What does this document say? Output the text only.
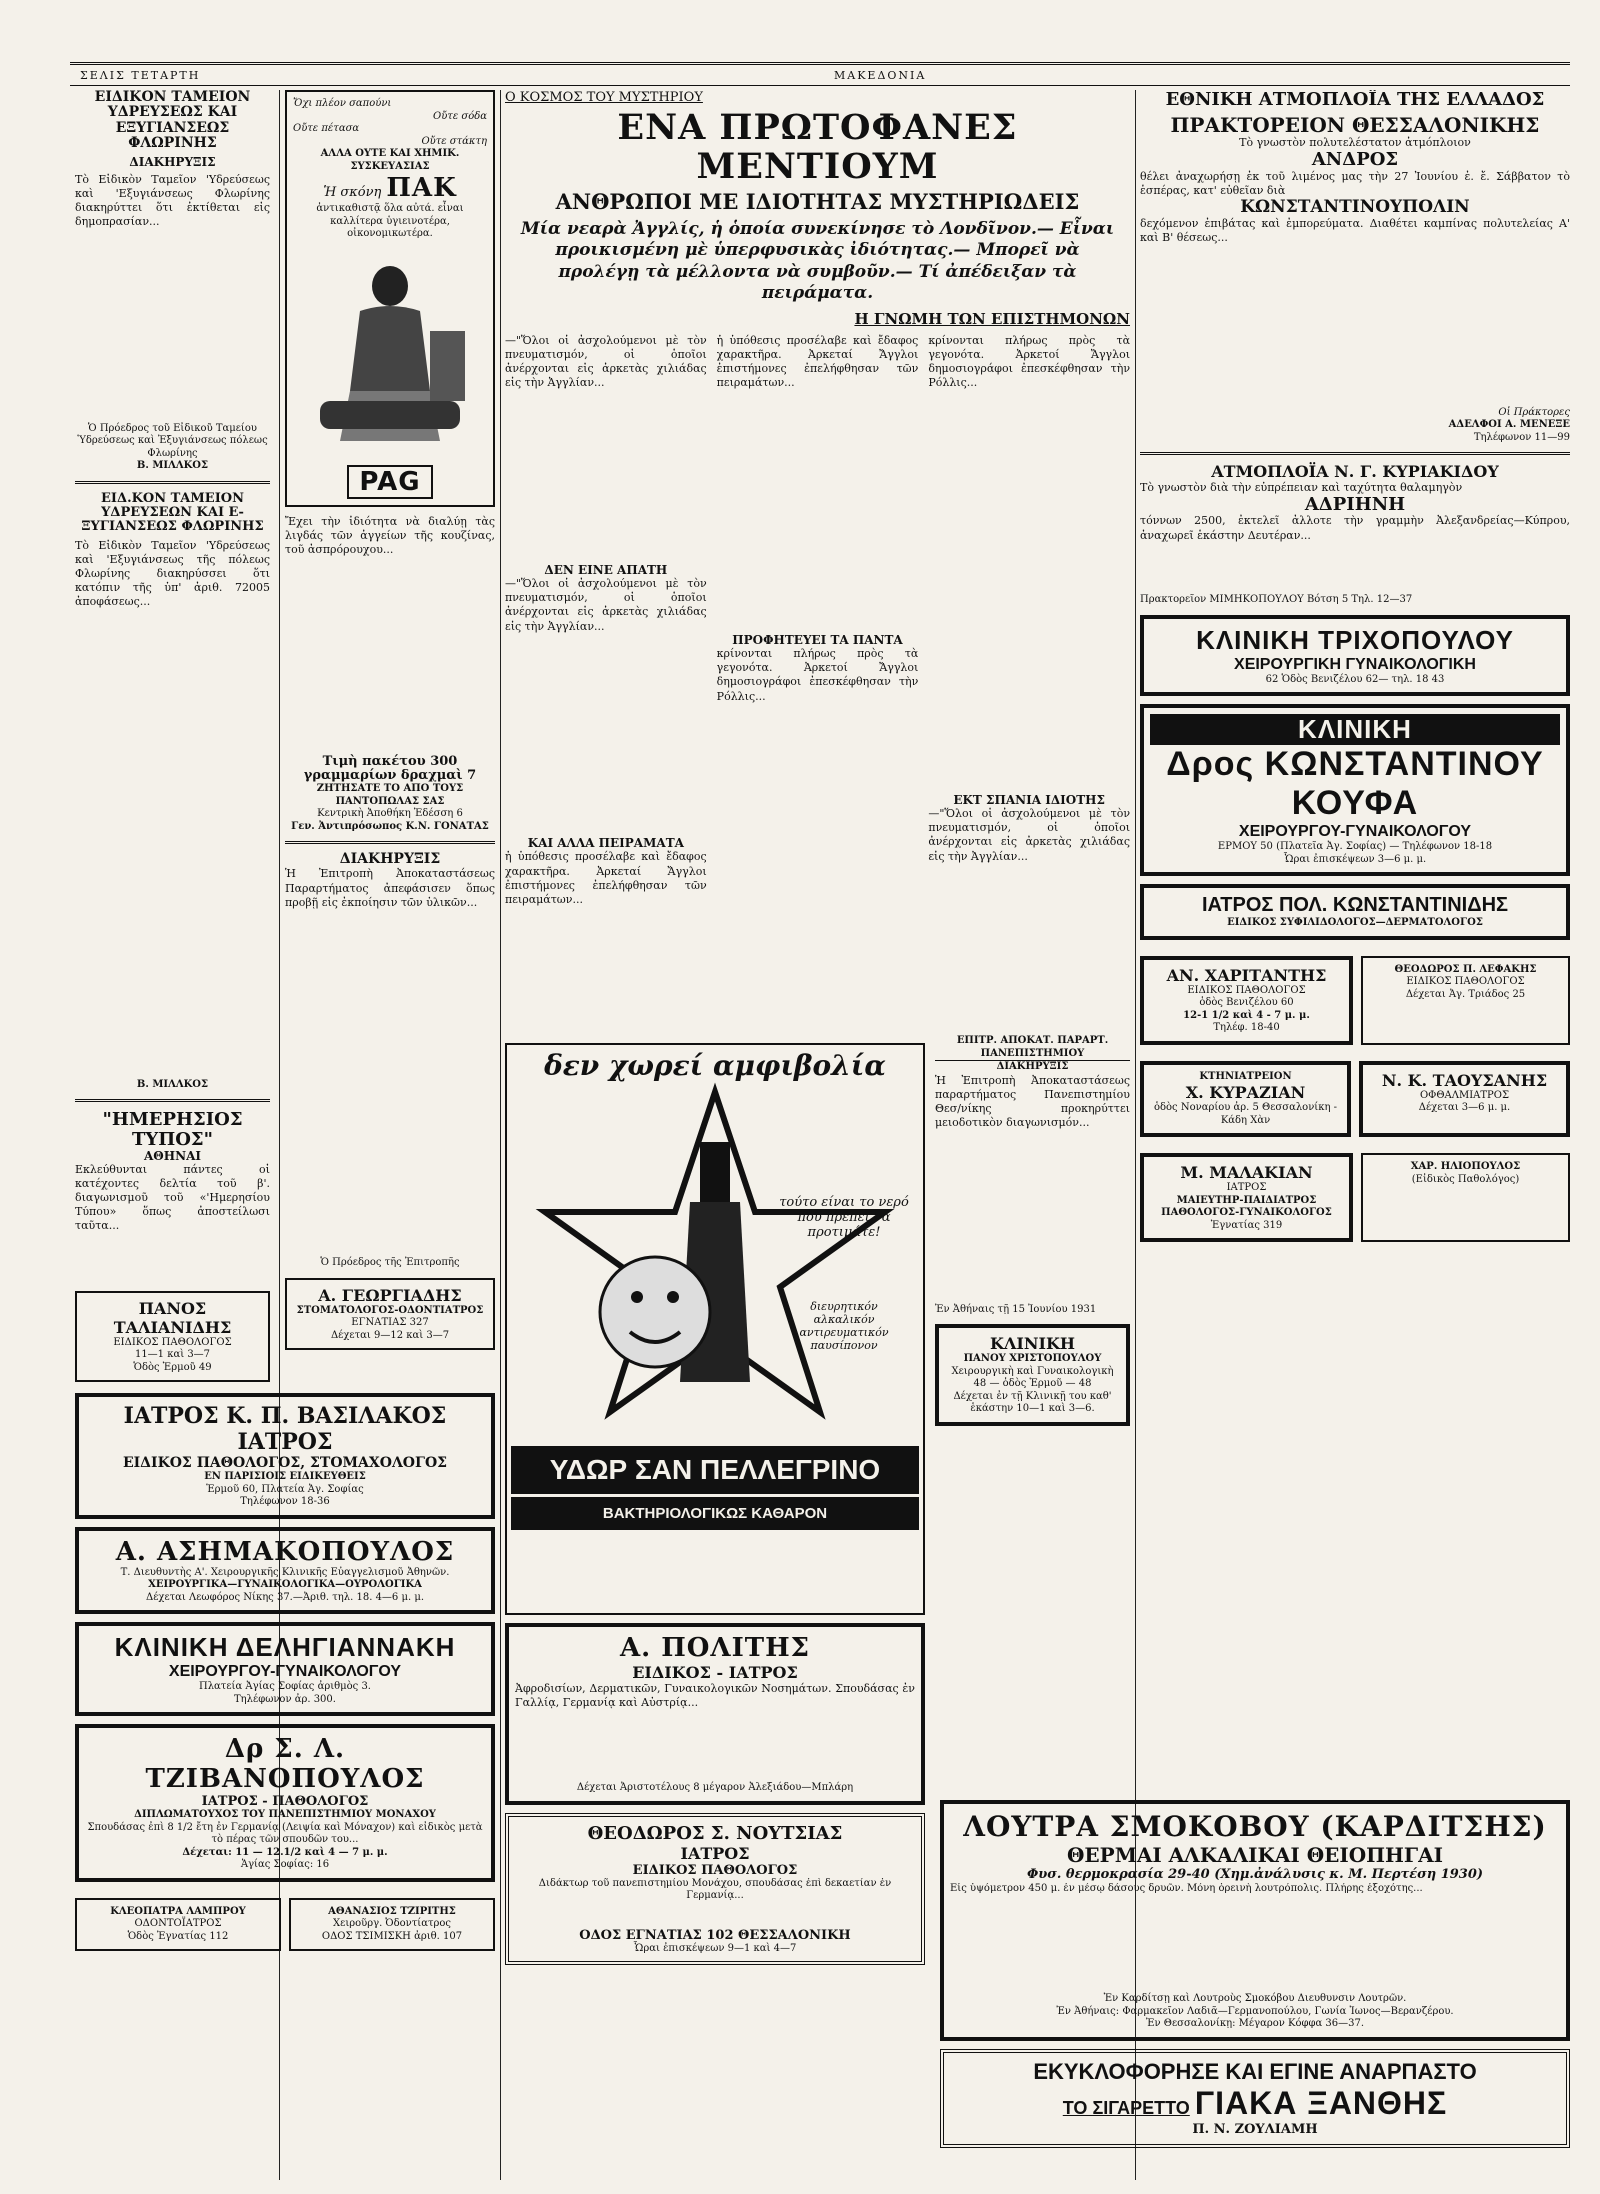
ΣΕΛΙΣ ΤΕΤΑΡΤΗ	ΜΑΚΕΔΟΝΙΑ
ΕΙΔΙΚΟΝ ΤΑΜΕΙΟΝ ΥΔΡΕΥΣΕΩΣ ΚΑΙ ΕΞΥΓΙΑΝΣΕΩΣ ΦΛΩΡΙΝΗΣ
ΔΙΑΚΗΡΥΞΙΣ
Τὸ Εἰδικὸν Ταμεῖον 'Υδρεύσεως καὶ 'Εξυγιάνσεως Φλωρίνης διακηρύττει ὅτι ἐκτίθεται εἰς δημοπρασίαν...
Ὁ Πρόεδρος τοῦ Εἰδικοῦ Ταμείου Ὑδρεύσεως καὶ Ἐξυγιάνσεως πόλεως Φλωρίνης
Β. ΜΙΛΛΚΟΣ
ΕΙΔ.ΚΟΝ ΤΑΜΕΙΟΝ ΥΔΡΕΥΣΕΩΝ ΚΑΙ Ε-ΞΥΓΙΑΝΣΕΩΣ ΦΛΩΡΙΝΗΣ
Τὸ Εἰδικὸν Ταμεῖον 'Υδρεύσεως καὶ 'Εξυγιάνσεως τῆς πόλεως Φλωρίνης διακηρύσσει ὅτι κατόπιν τῆς ὑπ' ἀριθ. 72005 ἀποφάσεως...
Β. ΜΙΛΛΚΟΣ
"ΗΜΕΡΗΣΙΟΣ ΤΥΠΟΣ"
ΑΘΗΝΑΙ
Εκλεύθυνται πάντες οἱ κατέχοντες δελτία τοῦ β'. διαγωνισμοῦ τοῦ «'Ημερησίου Τύπου» ὅπως ἀποστείλωσι ταῦτα...
ΠΑΝΟΣ ΤΑΛΙΑΝΙΔΗΣ
ΕΙΔΙΚΟΣ ΠΑΘΟΛΟΓΟΣ
11—1 καὶ 3—7
Ὁδὸς Ἑρμοῦ 49
Ὄχι πλέον σαπούνι
Οὔτε σόδα
Οὔτε πέτασα
Οὔτε στάκτη
ΑΛΛΑ ΟΥΤΕ ΚΑΙ ΧΗΜΙΚ. ΣΥΣΚΕΥΑΣΙΑΣ
Ἡ σκόνη ΠΑΚ
ἀντικαθιστᾷ ὅλα αὐτά. εἶναι καλλίτερα ὑγιεινοτέρα, οἰκονομικωτέρα.
PAG
Ἔχει τὴν ἰδιότητα νὰ διαλύῃ τὰς λιγδάς τῶν ἀγγείων τῆς κουζίνας, τοῦ ἀσπρόρουχου...
Τιμὴ πακέτου 300 γραμμαρίων δραχμαὶ 7
ΖΗΤΗΣΑΤΕ ΤΟ ΑΠΟ ΤΟΥΣ ΠΑΝΤΟΠΩΛΑΣ ΣΑΣ
Κεντρικὴ Ἀποθήκη Ἐδέσση 6
Γεν. Ἀντιπρόσωπος Κ.Ν. ΓΟΝΑΤΑΣ
ΔΙΑΚΗΡΥΞΙΣ
Ἡ Ἐπιτροπὴ Ἀποκαταστάσεως Παραρτήματος ἀπεφάσισεν ὅπως προβῇ εἰς ἐκποίησιν τῶν ὑλικῶν...
Ὁ Πρόεδρος τῆς Ἐπιτροπῆς
Α. ΓΕΩΡΓΙΑΔΗΣ
ΣΤΟΜΑΤΟΛΟΓΟΣ-ΟΔΟΝΤΙΑΤΡΟΣ
ΕΓΝΑΤΙΑΣ 327
Δέχεται 9—12 καὶ 3—7
Ο ΚΟΣΜΟΣ ΤΟΥ ΜΥΣΤΗΡΙΟΥ
ΕΝΑ ΠΡΩΤΟΦΑΝΕΣ ΜΕΝΤΙΟΥΜ
ΑΝΘΡΩΠΟΙ ΜΕ ΙΔΙΟΤΗΤΑΣ ΜΥΣΤΗΡΙΩΔΕΙΣ
Μία νεαρὰ Ἀγγλίς, ἡ ὁποία συνεκίνησε τὸ Λονδῖνον.— Εἶναι προικισμένη μὲ ὑπερφυσικὰς ἰδιότητας.— Μπορεῖ νὰ προλέγῃ τὰ μέλλοντα νὰ συμβοῦν.— Τί ἀπέδειξαν τὰ πειράματα.
Η ΓΝΩΜΗ ΤΩΝ ΕΠΙΣΤΗΜΟΝΩΝ
—"Ὅλοι οἱ ἀσχολούμενοι μὲ τὸν πνευματισμόν, οἱ ὁποῖοι ἀνέρχονται εἰς ἀρκετὰς χιλιάδας εἰς τὴν Ἀγγλίαν...
ΔΕΝ ΕΙΝΕ ΑΠΑΤΗ
—"Ὅλοι οἱ ἀσχολούμενοι μὲ τὸν πνευματισμόν, οἱ ὁποῖοι ἀνέρχονται εἰς ἀρκετὰς χιλιάδας εἰς τὴν Ἀγγλίαν...
ΚΑΙ ΑΛΛΑ ΠΕΙΡΑΜΑΤΑ
ἡ ὑπόθεσις προσέλαβε καὶ ἔδαφος χαρακτῆρα. Ἀρκεταί Ἄγγλοι ἐπιστήμονες ἐπελήφθησαν τῶν πειραμάτων...
ἡ ὑπόθεσις προσέλαβε καὶ ἔδαφος χαρακτῆρα. Ἀρκεταί Ἄγγλοι ἐπιστήμονες ἐπελήφθησαν τῶν πειραμάτων...
ΠΡΟΦΗΤΕΥΕΙ ΤΑ ΠΑΝΤΑ
κρίνονται πλήρως πρὸς τὰ γεγονότα. Ἀρκετοί Ἄγγλοι δημοσιογράφοι ἐπεσκέφθησαν τὴν Ρόλλις...
κρίνονται πλήρως πρὸς τὰ γεγονότα. Ἀρκετοί Ἄγγλοι δημοσιογράφοι ἐπεσκέφθησαν τὴν Ρόλλις...
ΕΚΤ ΣΠΑΝΙΑ ΙΔΙΟΤΗΣ
—"Ὅλοι οἱ ἀσχολούμενοι μὲ τὸν πνευματισμόν, οἱ ὁποῖοι ἀνέρχονται εἰς ἀρκετὰς χιλιάδας εἰς τὴν Ἀγγλίαν...
δεν χωρεί αμφιβολία
τούτο είναι το νερό που πρέπει να προτιμάτε!
διευρητικόν αλκαλικόν αντιρευματικόν παυσίπονον
ΥΔΩΡ ΣΑΝ ΠΕΛΛΕΓΡΙΝΟ
ΒΑΚΤΗΡΙΟΛΟΓΙΚΩΣ ΚΑΘΑΡΟΝ
Α. ΠΟΛΙΤΗΣ
ΕΙΔΙΚΟΣ - ΙΑΤΡΟΣ
Ἀφροδισίων, Δερματικῶν, Γυναικολογικῶν Νοσημάτων. Σπουδάσας ἐν Γαλλίᾳ, Γερμανίᾳ καὶ Αὐστρίᾳ...
Δέχεται Ἀριστοτέλους 8 μέγαρον Ἀλεξιάδου—Μπλάρη
ΘΕΟΔΩΡΟΣ Σ. ΝΟΥΤΣΙΑΣ
ΙΑΤΡΟΣ
ΕΙΔΙΚΟΣ ΠΑΘΟΛΟΓΟΣ
Διδάκτωρ τοῦ πανεπιστημίου Μονάχου, σπουδάσας ἐπὶ δεκαετίαν ἐν Γερμανίᾳ...
ΟΔΟΣ ΕΓΝΑΤΙΑΣ 102 ΘΕΣΣΑΛΟΝΙΚΗ
Ὧραι ἐπισκέψεων 9—1 καὶ 4—7
ΕΠΙΤΡ. ΑΠΟΚΑΤ. ΠΑΡΑΡΤ. ΠΑΝΕΠΙΣΤΗΜΙΟΥ
ΔΙΑΚΗΡΥΞΙΣ
Ἡ Ἐπιτροπὴ Ἀποκαταστάσεως παραρτήματος Πανεπιστημίου Θεσ/νίκης προκηρύττει μειοδοτικὸν διαγωνισμόν...
Ἐν Ἀθήναις τῇ 15 Ἰουνίου 1931
ΚΛΙΝΙΚΗ
ΠΑΝΟΥ ΧΡΙΣΤΟΠΟΥΛΟΥ
Χειρουργικὴ καὶ Γυναικολογικὴ
48 — ὁδὸς Ἑρμοῦ — 48
Δέχεται ἐν τῇ Κλινικῇ του καθ' ἑκάστην 10—1 καὶ 3—6.
ΙΑΤΡΟΣ Κ. Π. ΒΑΣΙΛΑΚΟΣ ΙΑΤΡΟΣ
ΕΙΔΙΚΟΣ ΠΑΘΟΛΟΓΟΣ, ΣΤΟΜΑΧΟΛΟΓΟΣ
ΕΝ ΠΑΡΙΣΙΟΙΣ ΕΙΔΙΚΕΥΘΕΙΣ
Ἑρμοῦ 60, Πλατεία Ἀγ. Σοφίας
Τηλέφωνον 18-36
Α. ΑΣΗΜΑΚΟΠΟΥΛΟΣ
Τ. Διευθυντὴς Α'. Χειρουργικῆς Κλινικῆς Εὐαγγελισμοῦ Ἀθηνῶν.
ΧΕΙΡΟΥΡΓΙΚΑ—ΓΥΝΑΙΚΟΛΟΓΙΚΑ—ΟΥΡΟΛΟΓΙΚΑ
Δέχεται Λεωφόρος Νίκης 37.—Ἀριθ. τηλ. 18. 4—6 μ. μ.
ΚΛΙΝΙΚΗ ΔΕΛΗΓΙΑΝΝΑΚΗ
ΧΕΙΡΟΥΡΓΟΥ-ΓΥΝΑΙΚΟΛΟΓΟΥ
Πλατεία Ἀγίας Σοφίας ἀριθμὸς 3.
Τηλέφωνον ἀρ. 300.
Δρ Σ. Λ. ΤΖΙΒΑΝΟΠΟΥΛΟΣ
ΙΑΤΡΟΣ - ΠΑΘΟΛΟΓΟΣ
ΔΙΠΛΩΜΑΤΟΥΧΟΣ ΤΟΥ ΠΑΝΕΠΙΣΤΗΜΙΟΥ ΜΟΝΑΧΟΥ
Σπουδάσας ἐπὶ 8 1/2 ἔτη ἐν Γερμανίᾳ (Λειψία καὶ Μόναχον) καὶ εἰδικὸς μετὰ τὸ πέρας τῶν σπουδῶν του...
Δέχεται: 11 — 12.1/2 καὶ 4 — 7 μ. μ.
Ἁγίας Σοφίας: 16
ΚΛΕΟΠΑΤΡΑ ΛΑΜΠΡΟΥ
ΟΔΟΝΤΟΪΑΤΡΟΣ
Ὁδὸς Ἐγνατίας 112
ΑΘΑΝΑΣΙΟΣ ΤΖΙΡΙΤΗΣ
Χειροῦργ. Ὀδοντίατρος
ΟΔΟΣ ΤΣΙΜΙΣΚΗ ἀριθ. 107
ΕΘΝΙΚΗ ΑΤΜΟΠΛΟΪΑ ΤΗΣ ΕΛΛΑΔΟΣ
ΠΡΑΚΤΟΡΕΙΟΝ ΘΕΣΣΑΛΟΝΙΚΗΣ
Τὸ γνωστὸν πολυτελέστατον ἀτμόπλοιον
ΑΝΔΡΟΣ
θέλει ἀναχωρήσῃ ἐκ τοῦ λιμένος μας τὴν 27 Ἰουνίου ἐ. ἔ. Σάββατον τὸ ἑσπέρας, κατ' εὐθεῖαν διὰ
ΚΩΝΣΤΑΝΤΙΝΟΥΠΟΛΙΝ
δεχόμενον ἐπιβάτας καὶ ἐμπορεύματα. Διαθέτει καμπίνας πολυτελείας Α' καὶ Β' θέσεως...
Οἱ Πράκτορες
ΑΔΕΛΦΟΙ Α. ΜΕΝΕΞΕ
Τηλέφωνον 11—99
ΑΤΜΟΠΛΟΪΑ Ν. Γ. ΚΥΡΙΑΚΙΔΟΥ
Τὸ γνωστὸν διὰ τὴν εὐπρέπειαν καὶ ταχύτητα θαλαμηγὸν
ΑΔΡΙΗΝΗ
τόννων 2500, ἐκτελεῖ ἀλλοτε τὴν γραμμὴν Ἀλεξανδρείας—Κύπρου, ἀναχωρεῖ ἑκάστην Δευτέραν...
Πρακτορεῖον ΜΙΜΗΚΟΠΟΥΛΟΥ Βότση 5 Τηλ. 12—37
ΚΛΙΝΙΚΗ ΤΡΙΧΟΠΟΥΛΟΥ
ΧΕΙΡΟΥΡΓΙΚΗ ΓΥΝΑΙΚΟΛΟΓΙΚΗ
62 Ὁδὸς Βενιζέλου 62— τηλ. 18 43
ΚΛΙΝΙΚΗ
Δρος ΚΩΝΣΤΑΝΤΙΝΟΥ ΚΟΥΦΑ
ΧΕΙΡΟΥΡΓΟΥ-ΓΥΝΑΙΚΟΛΟΓΟΥ
ΕΡΜΟΥ 50 (Πλατεῖα Ἀγ. Σοφίας) — Τηλέφωνον 18-18
Ὧραι ἐπισκέψεων 3—6 μ. μ.
ΙΑΤΡΟΣ ΠΟΛ. ΚΩΝΣΤΑΝΤΙΝΙΔΗΣ
ΕΙΔΙΚΟΣ ΣΥΦΙΛΙΔΟΛΟΓΟΣ—ΔΕΡΜΑΤΟΛΟΓΟΣ
ΑΝ. ΧΑΡΙΤΑΝΤΗΣ
ΕΙΔΙΚΟΣ ΠΑΘΟΛΟΓΟΣ
ὁδὸς Βενιζέλου 60
12-1 1/2 καὶ 4 - 7 μ. μ.
Τηλέφ. 18-40
ΘΕΟΔΩΡΟΣ Π. ΛΕΦΑΚΗΣ
ΕΙΔΙΚΟΣ ΠΑΘΟΛΟΓΟΣ
Δέχεται Ἀγ. Τριάδος 25
ΚΤΗΝΙΑΤΡΕΙΟΝ
Χ. ΚΥΡΑΖΙΑΝ
ὁδὸς Νοναρίου ἀρ. 5 Θεσσαλονίκη - Κάδη Χὰν
Ν. Κ. ΤΑΟΥΣΑΝΗΣ
ΟΦΘΑΛΜΙΑΤΡΟΣ
Δέχεται 3—6 μ. μ.
Μ. ΜΑΛΑΚΙΑΝ
ΙΑΤΡΟΣ
ΜΑΙΕΥΤΗΡ-ΠΑΙΔΙΑΤΡΟΣ ΠΑΘΟΛΟΓΟΣ-ΓΥΝΑΙΚΟΛΟΓΟΣ
Ἐγνατίας 319
ΧΑΡ. ΗΛΙΟΠΟΥΛΟΣ
(Εἰδικὸς Παθολόγος)
ΛΟΥΤΡΑ ΣΜΟΚΟΒΟΥ (ΚΑΡΔΙΤΣΗΣ)
ΘΕΡΜΑΙ ΑΛΚΑΛΙΚΑΙ ΘΕΙΟΠΗΓΑΙ
Φυσ. θερμοκρασία 29-40 (Χημ.ἀνάλυσις κ. Μ. Περτέση 1930)
Εἰς ὑψόμετρον 450 μ. ἐν μέσῳ δάσους δρυῶν. Μόνη ὀρεινὴ λουτρόπολις. Πλήρης ἐξοχότης...
Ἐν Καρδίτσῃ καὶ Λουτροὺς Σμοκόβου Διευθυνσιν Λουτρῶν.
Ἐν Ἀθήναις: Φαρμακεῖον Λαδιᾶ—Γερμανοπούλου, Γωνία Ἰωνος—Βερανζέρου.
Ἐν Θεσσαλονίκῃ: Μέγαρον Κόφφα 36—37.
ΕΚΥΚΛΟΦΟΡΗΣΕ ΚΑΙ ΕΓΙΝΕ ΑΝΑΡΠΑΣΤΟ
ΤΟ ΣΙΓΑΡΕΤΤΟ ΓΙΑΚΑ ΞΑΝΘΗΣ
Π. Ν. ΖΟΥΛΙΑΜΗ
